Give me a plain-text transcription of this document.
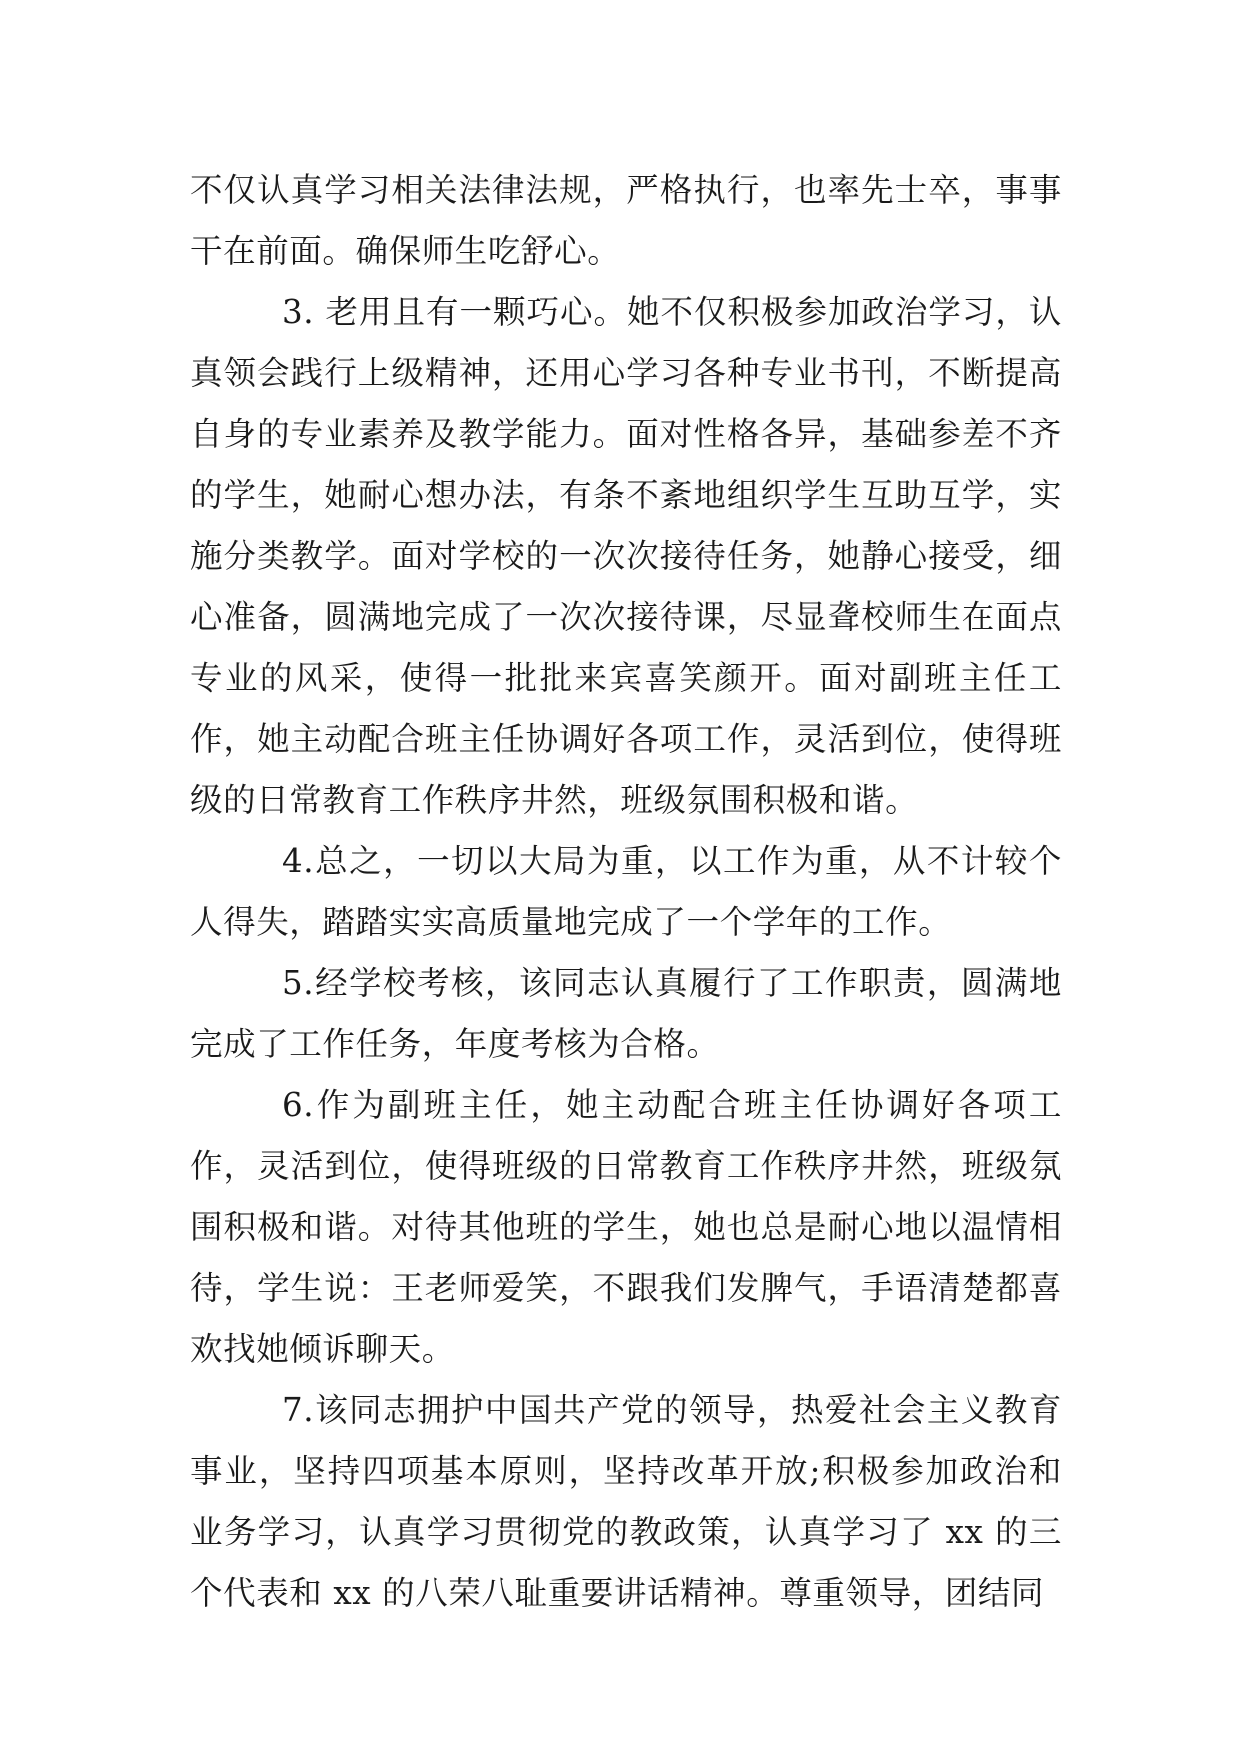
不仅认真学习相关法律法规，严格执行，也率先士卒，事事干在前面。确保师生吃舒心。

3. 老用且有一颗巧心。她不仅积极参加政治学习，认真领会践行上级精神，还用心学习各种专业书刊，不断提高自身的专业素养及教学能力。面对性格各异，基础参差不齐的学生，她耐心想办法，有条不紊地组织学生互助互学，实施分类教学。面对学校的一次次接待任务，她静心接受，细心准备，圆满地完成了一次次接待课，尽显聋校师生在面点专业的风采，使得一批批来宾喜笑颜开。面对副班主任工作，她主动配合班主任协调好各项工作，灵活到位，使得班级的日常教育工作秩序井然，班级氛围积极和谐。

4.总之，一切以大局为重，以工作为重，从不计较个人得失，踏踏实实高质量地完成了一个学年的工作。

5.经学校考核，该同志认真履行了工作职责，圆满地完成了工作任务，年度考核为合格。

6.作为副班主任，她主动配合班主任协调好各项工作，灵活到位，使得班级的日常教育工作秩序井然，班级氛围积极和谐。对待其他班的学生，她也总是耐心地以温情相待，学生说：王老师爱笑，不跟我们发脾气，手语清楚都喜欢找她倾诉聊天。

7.该同志拥护中国共产党的领导，热爱社会主义教育事业，坚持四项基本原则，坚持改革开放;积极参加政治和业务学习，认真学习贯彻党的教政策，认真学习了 xx 的三个代表和 xx 的八荣八耻重要讲话精神。尊重领导，团结同
